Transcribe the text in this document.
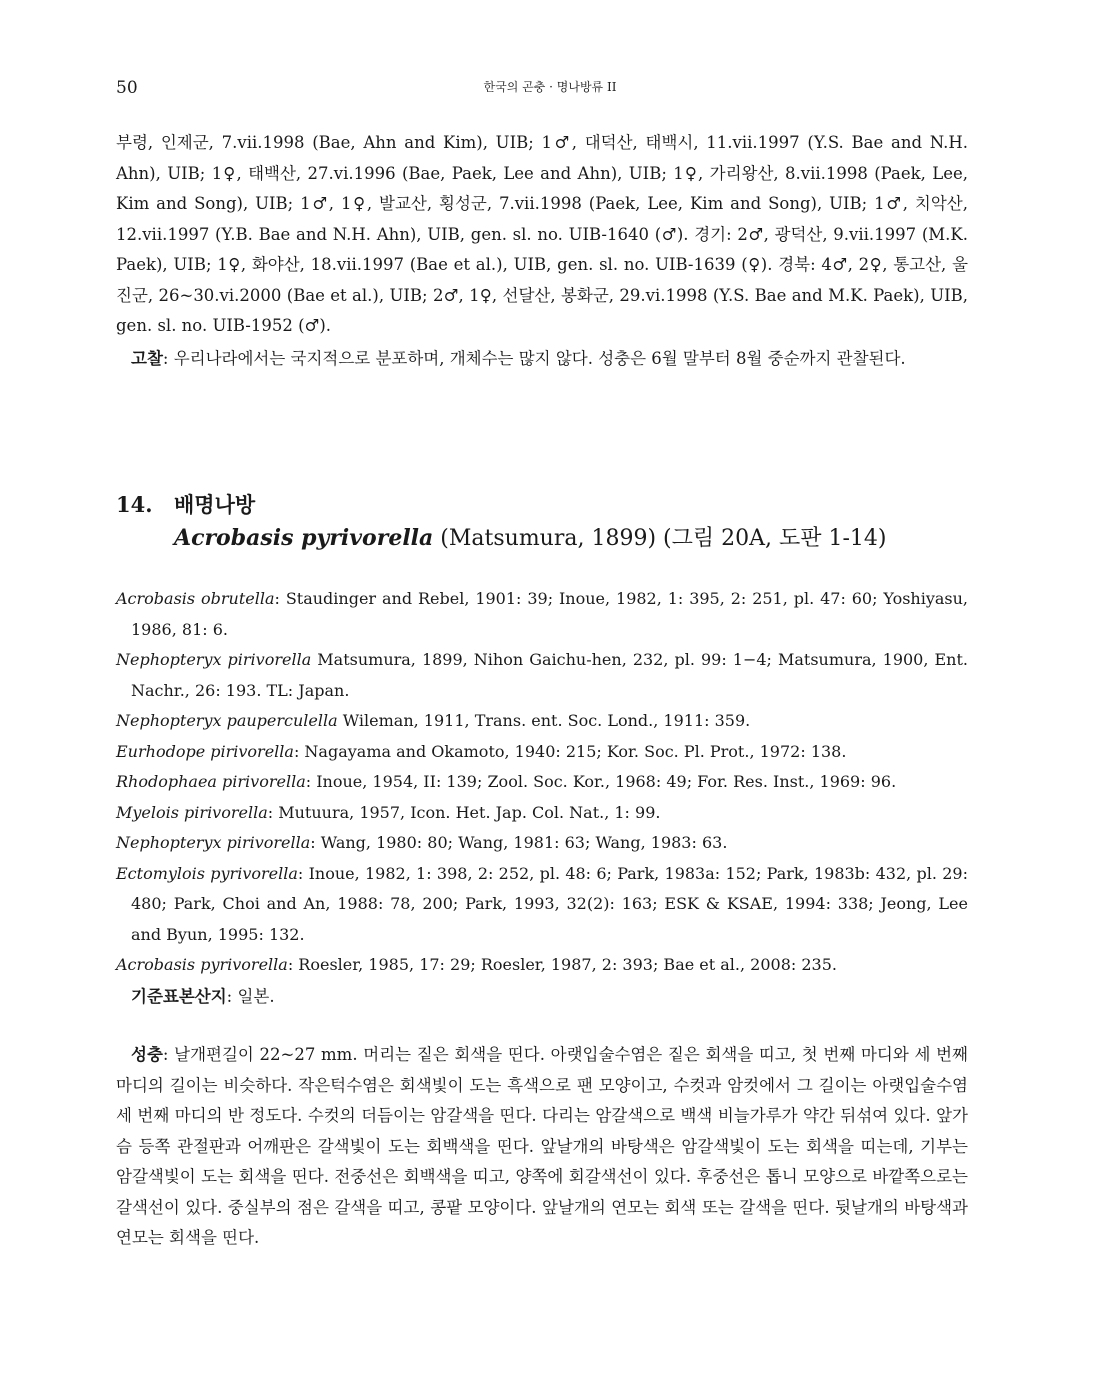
50	한국의 곤충 · 명나방류 II

부령, 인제군, 7.vii.1998 (Bae, Ahn and Kim), UIB; 1♂, 대덕산, 태백시, 11.vii.1997 (Y.S. Bae and N.H. Ahn), UIB; 1♀, 태백산, 27.vi.1996 (Bae, Paek, Lee and Ahn), UIB; 1♀, 가리왕산, 8.vii.1998 (Paek, Lee, Kim and Song), UIB; 1♂, 1♀, 발교산, 횡성군, 7.vii.1998 (Paek, Lee, Kim and Song), UIB; 1♂, 치악산, 12.vii.1997 (Y.B. Bae and N.H. Ahn), UIB, gen. sl. no. UIB-1640 (♂). 경기: 2♂, 광덕산, 9.vii.1997 (M.K. Paek), UIB; 1♀, 화야산, 18.vii.1997 (Bae et al.), UIB, gen. sl. no. UIB-1639 (♀). 경북: 4♂, 2♀, 통고산, 울진군, 26~30.vi.2000 (Bae et al.), UIB; 2♂, 1♀, 선달산, 봉화군, 29.vi.1998 (Y.S. Bae and M.K. Paek), UIB, gen. sl. no. UIB-1952 (♂).

고찰: 우리나라에서는 국지적으로 분포하며, 개체수는 많지 않다. 성충은 6월 말부터 8월 중순까지 관찰된다.

14. 배명나방

Acrobasis pyrivorella (Matsumura, 1899) (그림 20A, 도판 1-14)

Acrobasis obrutella: Staudinger and Rebel, 1901: 39; Inoue, 1982, 1: 395, 2: 251, pl. 47: 60; Yoshiyasu, 1986, 81: 6.
Nephopteryx pirivorella Matsumura, 1899, Nihon Gaichu-hen, 232, pl. 99: 1−4; Matsumura, 1900, Ent. Nachr., 26: 193. TL: Japan.
Nephopteryx pauperculella Wileman, 1911, Trans. ent. Soc. Lond., 1911: 359.
Eurhodope pirivorella: Nagayama and Okamoto, 1940: 215; Kor. Soc. Pl. Prot., 1972: 138.
Rhodophaea pirivorella: Inoue, 1954, II: 139; Zool. Soc. Kor., 1968: 49; For. Res. Inst., 1969: 96.
Myelois pirivorella: Mutuura, 1957, Icon. Het. Jap. Col. Nat., 1: 99.
Nephopteryx pirivorella: Wang, 1980: 80; Wang, 1981: 63; Wang, 1983: 63.
Ectomylois pyrivorella: Inoue, 1982, 1: 398, 2: 252, pl. 48: 6; Park, 1983a: 152; Park, 1983b: 432, pl. 29: 480; Park, Choi and An, 1988: 78, 200; Park, 1993, 32(2): 163; ESK & KSAE, 1994: 338; Jeong, Lee and Byun, 1995: 132.
Acrobasis pyrivorella: Roesler, 1985, 17: 29; Roesler, 1987, 2: 393; Bae et al., 2008: 235.

기준표본산지: 일본.

성충: 날개편길이 22~27 mm. 머리는 짙은 회색을 띤다. 아랫입술수염은 짙은 회색을 띠고, 첫 번째 마디와 세 번째 마디의 길이는 비슷하다. 작은턱수염은 회색빛이 도는 흑색으로 팬 모양이고, 수컷과 암컷에서 그 길이는 아랫입술수염 세 번째 마디의 반 정도다. 수컷의 더듬이는 암갈색을 띤다. 다리는 암갈색으로 백색 비늘가루가 약간 뒤섞여 있다. 앞가슴 등쪽 관절판과 어깨판은 갈색빛이 도는 회백색을 띤다. 앞날개의 바탕색은 암갈색빛이 도는 회색을 띠는데, 기부는 암갈색빛이 도는 회색을 띤다. 전중선은 회백색을 띠고, 양쪽에 회갈색선이 있다. 후중선은 톱니 모양으로 바깥쪽으로는 갈색선이 있다. 중실부의 점은 갈색을 띠고, 콩팥 모양이다. 앞날개의 연모는 회색 또는 갈색을 띤다. 뒷날개의 바탕색과 연모는 회색을 띤다.
